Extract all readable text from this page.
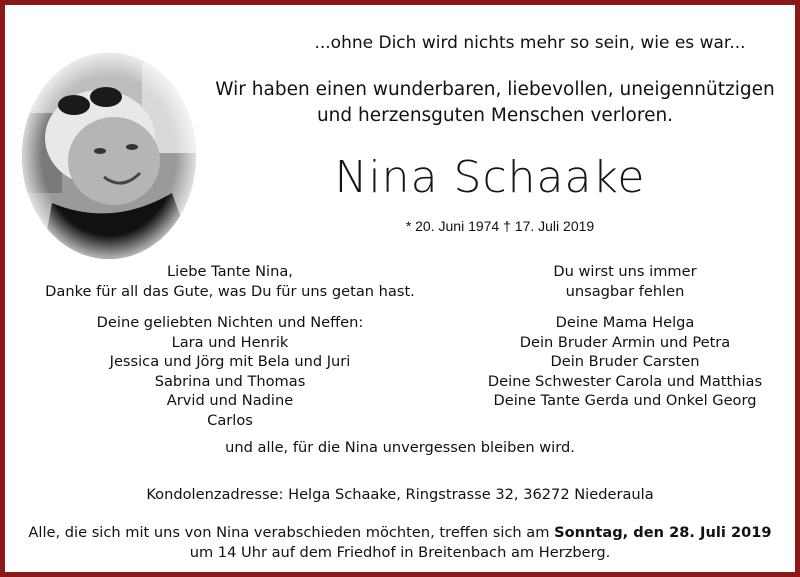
...ohne Dich wird nichts mehr so sein, wie es war...
Wir haben einen wunderbaren, liebevollen, uneigennützigen
und herzensguten Menschen verloren.
Nina Schaake
* 20. Juni 1974 † 17. Juli 2019
Liebe Tante Nina,
Danke für all das Gute, was Du für uns getan hast.
Deine geliebten Nichten und Neffen:
Lara und Henrik
Jessica und Jörg mit Bela und Juri
Sabrina und Thomas
Arvid und Nadine
Carlos
Du wirst uns immer
unsagbar fehlen
Deine Mama Helga
Dein Bruder Armin und Petra
Dein Bruder Carsten
Deine Schwester Carola und Matthias
Deine Tante Gerda und Onkel Georg
und alle, für die Nina unvergessen bleiben wird.
Kondolenzadresse: Helga Schaake, Ringstrasse 32, 36272 Niederaula
Alle, die sich mit uns von Nina verabschieden möchten, treffen sich am Sonntag, den 28. Juli 2019
um 14 Uhr auf dem Friedhof in Breitenbach am Herzberg.
